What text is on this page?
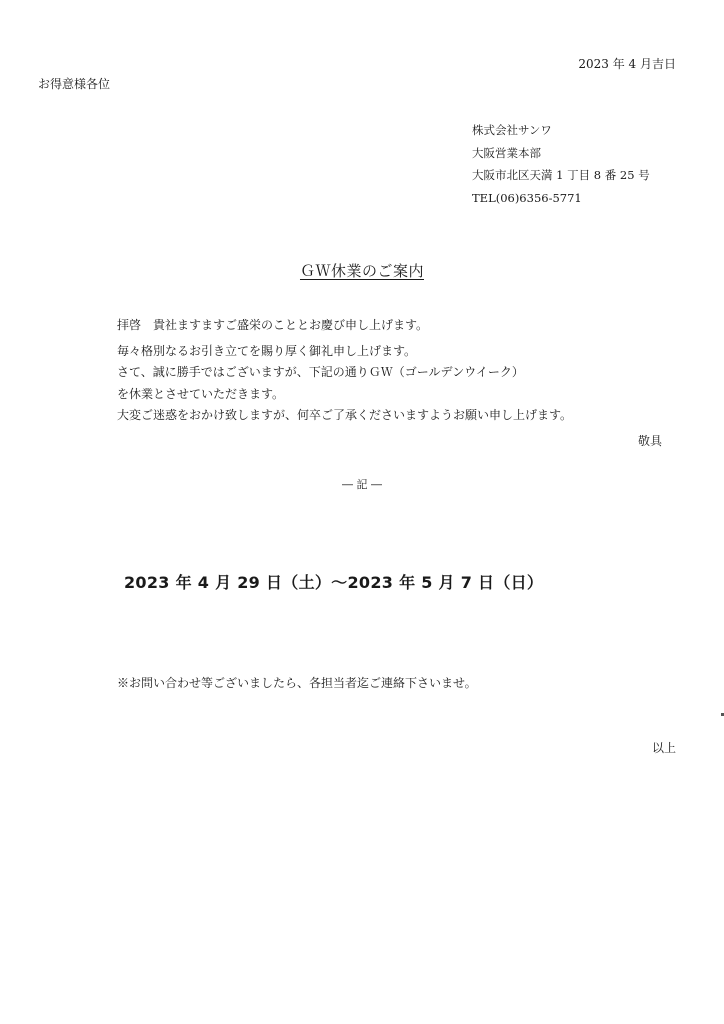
2023 年 4 月吉日
お得意様各位
株式会社サンワ
大阪営業本部
大阪市北区天満 1 丁目 8 番 25 号
TEL(06)6356-5771
ＧＷ休業のご案内
拝啓　貴社ますますご盛栄のこととお慶び申し上げます。
毎々格別なるお引き立てを賜り厚く御礼申し上げます。
さて、誠に勝手ではございますが、下記の通りＧＷ（ゴールデンウイーク）
を休業とさせていただきます。
大変ご迷惑をおかけ致しますが、何卒ご了承くださいますようお願い申し上げます。
敬具
― 記 ―
2023 年 4 月 29 日（土）～2023 年 5 月 7 日（日）
※お問い合わせ等ございましたら、各担当者迄ご連絡下さいませ。
以上
